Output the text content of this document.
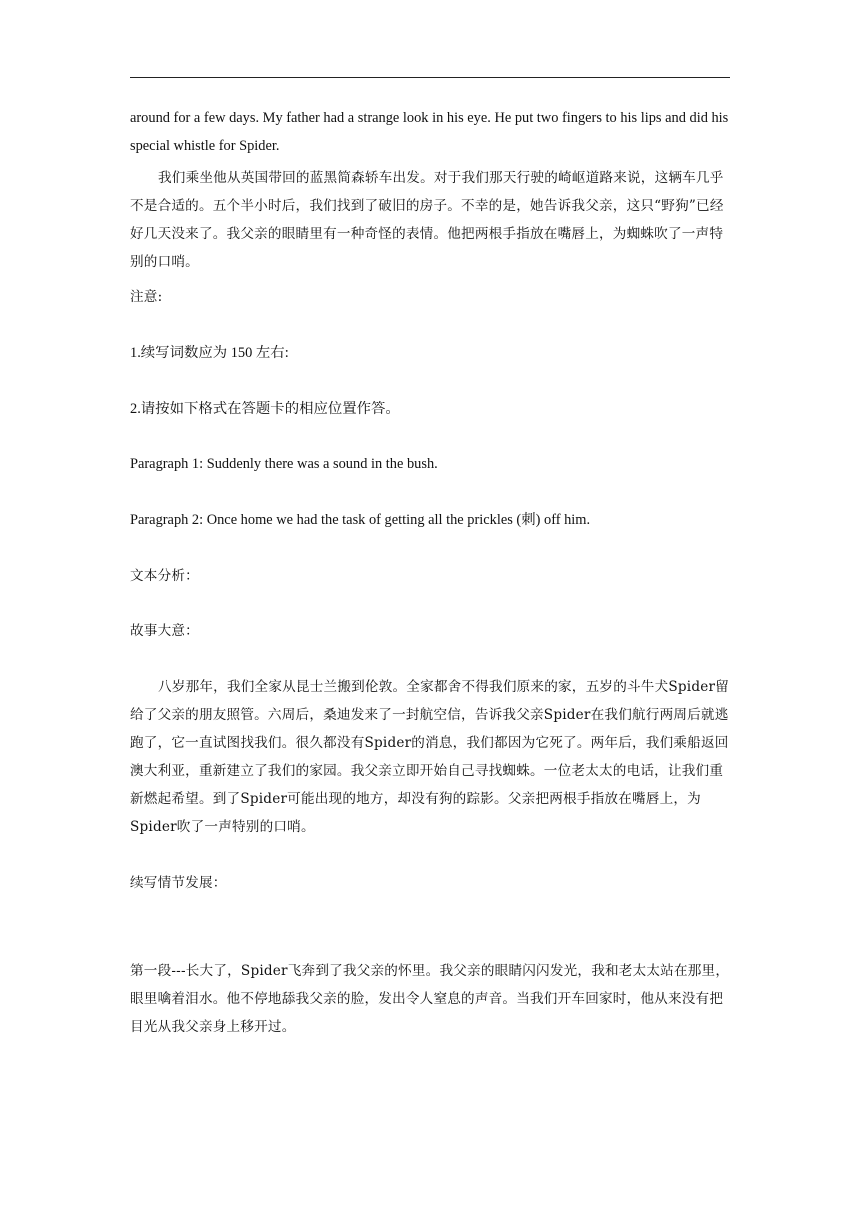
around for a few days. My father had a strange look in his eye. He put two fingers to his lips and did his special whistle for Spider.

我们乘坐他从英国带回的蓝黑简森轿车出发。对于我们那天行驶的崎岖道路来说，这辆车几乎不是合适的。五个半小时后，我们找到了破旧的房子。不幸的是，她告诉我父亲，这只“野狗”已经好几天没来了。我父亲的眼睛里有一种奇怪的表情。他把两根手指放在嘴唇上，为蜘蛛吹了一声特别的口哨。

注意:
1.续写词数应为 150 左右:
2.请按如下格式在答题卡的相应位置作答。
Paragraph 1: Suddenly there was a sound in the bush.
Paragraph 2: Once home we had the task of getting all the prickles (刺) off him.
文本分析：
故事大意：

八岁那年，我们全家从昆士兰搬到伦敦。全家都舍不得我们原来的家，五岁的斗牛犬Spider留给了父亲的朋友照管。六周后，桑迪发来了一封航空信，告诉我父亲Spider在我们航行两周后就逃跑了，它一直试图找我们。很久都没有Spider的消息，我们都因为它死了。两年后，我们乘船返回澳大利亚，重新建立了我们的家园。我父亲立即开始自己寻找蜘蛛。一位老太太的电话，让我们重新燃起希望。到了Spider可能出现的地方，却没有狗的踪影。父亲把两根手指放在嘴唇上，为Spider吹了一声特别的口哨。

续写情节发展：

第一段---长大了，Spider飞奔到了我父亲的怀里。我父亲的眼睛闪闪发光，我和老太太站在那里，眼里噙着泪水。他不停地舔我父亲的脸，发出令人窒息的声音。当我们开车回家时，他从来没有把目光从我父亲身上移开过。
